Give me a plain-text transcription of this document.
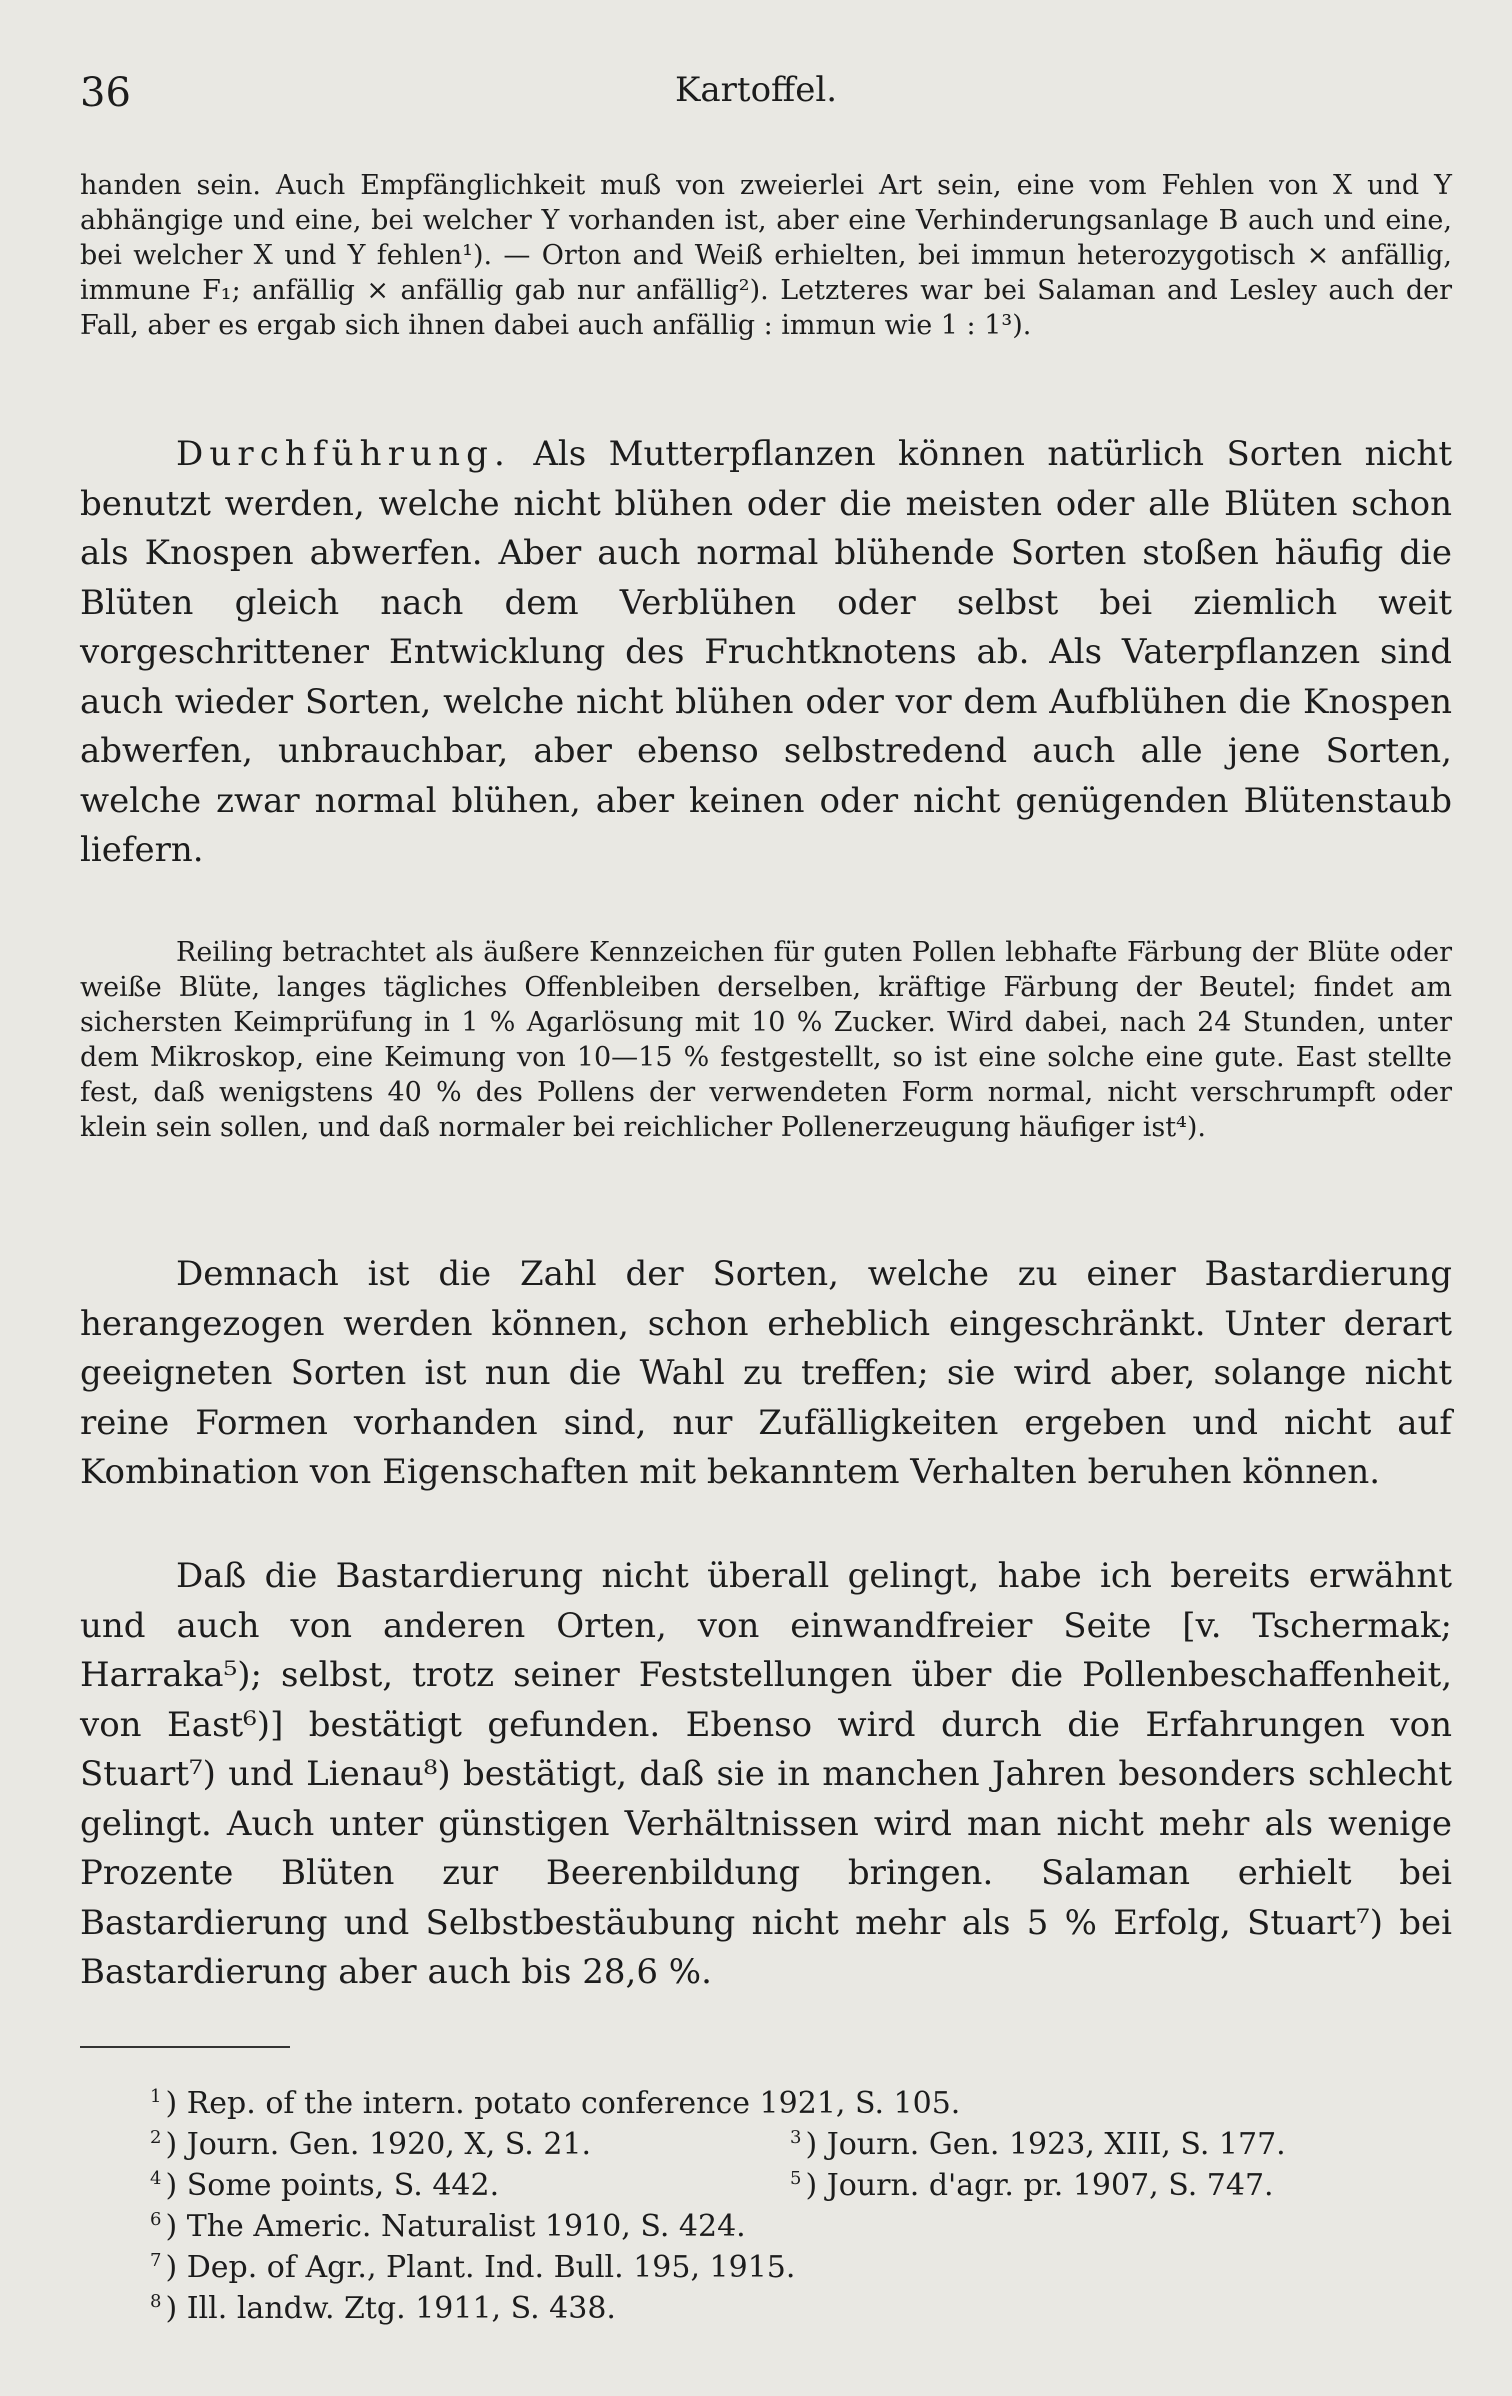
36	Kartoffel.

handen sein. Auch Empfänglichkeit muß von zweierlei Art sein, eine vom Fehlen von X und Y abhängige und eine, bei welcher Y vorhanden ist, aber eine Verhinderungsanlage B auch und eine, bei welcher X und Y fehlen¹). — Orton and Weiß erhielten, bei immun heterozygotisch × anfällig, immune F₁; anfällig × anfällig gab nur anfällig²). Letzteres war bei Salaman and Lesley auch der Fall, aber es ergab sich ihnen dabei auch anfällig : immun wie 1 : 1³).

Durchführung. Als Mutterpflanzen können natürlich Sorten nicht benutzt werden, welche nicht blühen oder die meisten oder alle Blüten schon als Knospen abwerfen. Aber auch normal blühende Sorten stoßen häufig die Blüten gleich nach dem Verblühen oder selbst bei ziemlich weit vorgeschrittener Entwicklung des Fruchtknotens ab. Als Vaterpflanzen sind auch wieder Sorten, welche nicht blühen oder vor dem Aufblühen die Knospen abwerfen, unbrauchbar, aber ebenso selbstredend auch alle jene Sorten, welche zwar normal blühen, aber keinen oder nicht genügenden Blütenstaub liefern.

Reiling betrachtet als äußere Kennzeichen für guten Pollen lebhafte Färbung der Blüte oder weiße Blüte, langes tägliches Offenbleiben derselben, kräftige Färbung der Beutel; findet am sichersten Keimprüfung in 1 % Agarlösung mit 10 % Zucker. Wird dabei, nach 24 Stunden, unter dem Mikroskop, eine Keimung von 10—15 % festgestellt, so ist eine solche eine gute. East stellte fest, daß wenigstens 40 % des Pollens der verwendeten Form normal, nicht verschrumpft oder klein sein sollen, und daß normaler bei reichlicher Pollenerzeugung häufiger ist⁴).

Demnach ist die Zahl der Sorten, welche zu einer Bastardierung herangezogen werden können, schon erheblich eingeschränkt. Unter derart geeigneten Sorten ist nun die Wahl zu treffen; sie wird aber, solange nicht reine Formen vorhanden sind, nur Zufälligkeiten ergeben und nicht auf Kombination von Eigenschaften mit bekanntem Verhalten beruhen können.

Daß die Bastardierung nicht überall gelingt, habe ich bereits erwähnt und auch von anderen Orten, von einwandfreier Seite [v. Tschermak; Harraka⁵); selbst, trotz seiner Feststellungen über die Pollenbeschaffenheit, von East⁶)] bestätigt gefunden. Ebenso wird durch die Erfahrungen von Stuart⁷) und Lienau⁸) bestätigt, daß sie in manchen Jahren besonders schlecht gelingt. Auch unter günstigen Verhältnissen wird man nicht mehr als wenige Prozente Blüten zur Beerenbildung bringen. Salaman erhielt bei Bastardierung und Selbstbestäubung nicht mehr als 5 % Erfolg, Stuart⁷) bei Bastardierung aber auch bis 28,6 %.

$^1$ ) Rep. of the intern. potato conference 1921, S. 105.
$^2$ ) Journ. Gen. 1920, X, S. 21.
$^4$ ) Some points, S. 442.
$^3$ ) Journ. Gen. 1923, XIII, S. 177.
$^5$ ) Journ. d'agr. pr. 1907, S. 747.
$^6$ ) The Americ. Naturalist 1910, S. 424.
$^7$ ) Dep. of Agr., Plant. Ind. Bull. 195, 1915.
$^8$ ) Ill. landw. Ztg. 1911, S. 438.
